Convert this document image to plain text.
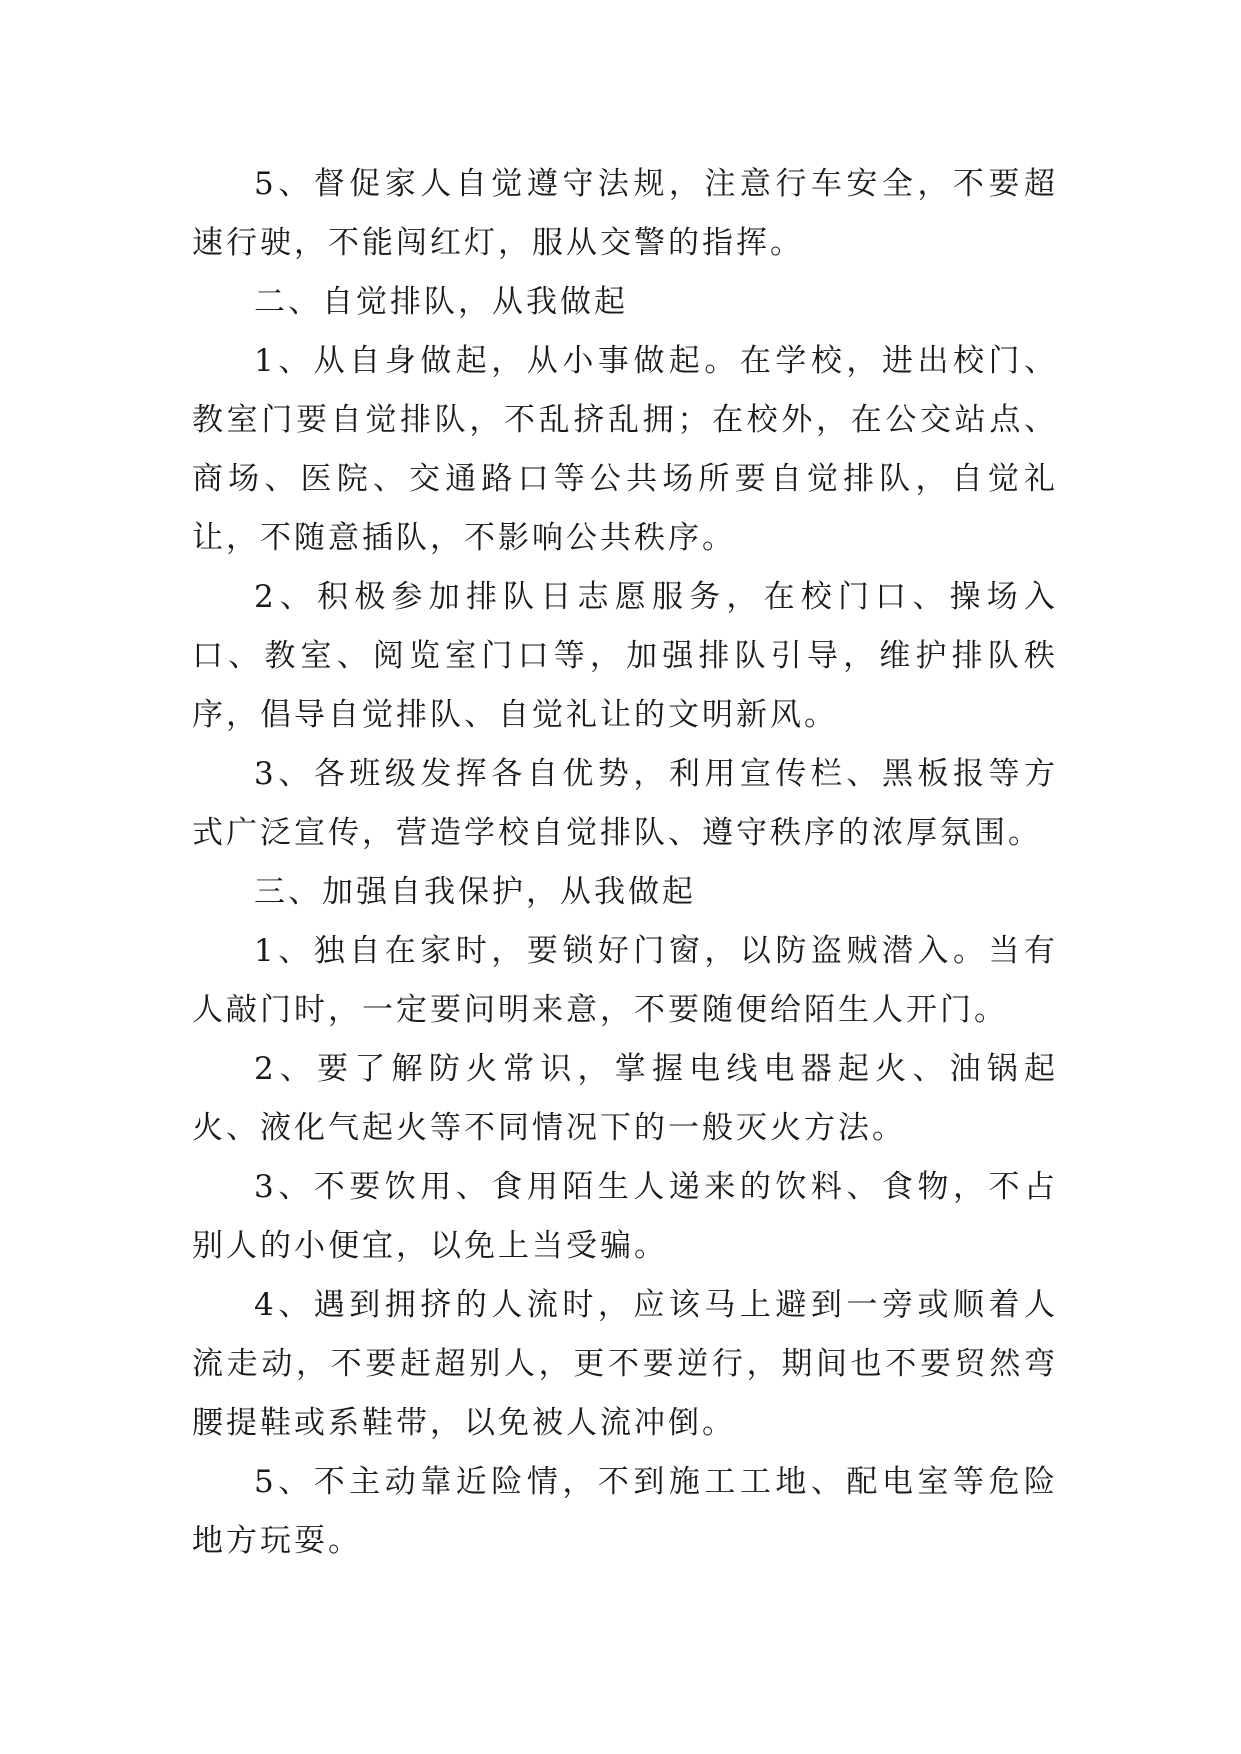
5、督促家人自觉遵守法规，注意行车安全，不要超速行驶，不能闯红灯，服从交警的指挥。

二、自觉排队，从我做起

1、从自身做起，从小事做起。在学校，进出校门、教室门要自觉排队，不乱挤乱拥；在校外，在公交站点、商场、医院、交通路口等公共场所要自觉排队，自觉礼让，不随意插队，不影响公共秩序。

2、积极参加排队日志愿服务，在校门口、操场入口、教室、阅览室门口等，加强排队引导，维护排队秩序，倡导自觉排队、自觉礼让的文明新风。

3、各班级发挥各自优势，利用宣传栏、黑板报等方式广泛宣传，营造学校自觉排队、遵守秩序的浓厚氛围。

三、加强自我保护，从我做起

1、独自在家时，要锁好门窗，以防盗贼潜入。当有人敲门时，一定要问明来意，不要随便给陌生人开门。

2、要了解防火常识，掌握电线电器起火、油锅起火、液化气起火等不同情况下的一般灭火方法。

3、不要饮用、食用陌生人递来的饮料、食物，不占别人的小便宜，以免上当受骗。

4、遇到拥挤的人流时，应该马上避到一旁或顺着人流走动，不要赶超别人，更不要逆行，期间也不要贸然弯腰提鞋或系鞋带，以免被人流冲倒。

5、不主动靠近险情，不到施工工地、配电室等危险地方玩耍。
